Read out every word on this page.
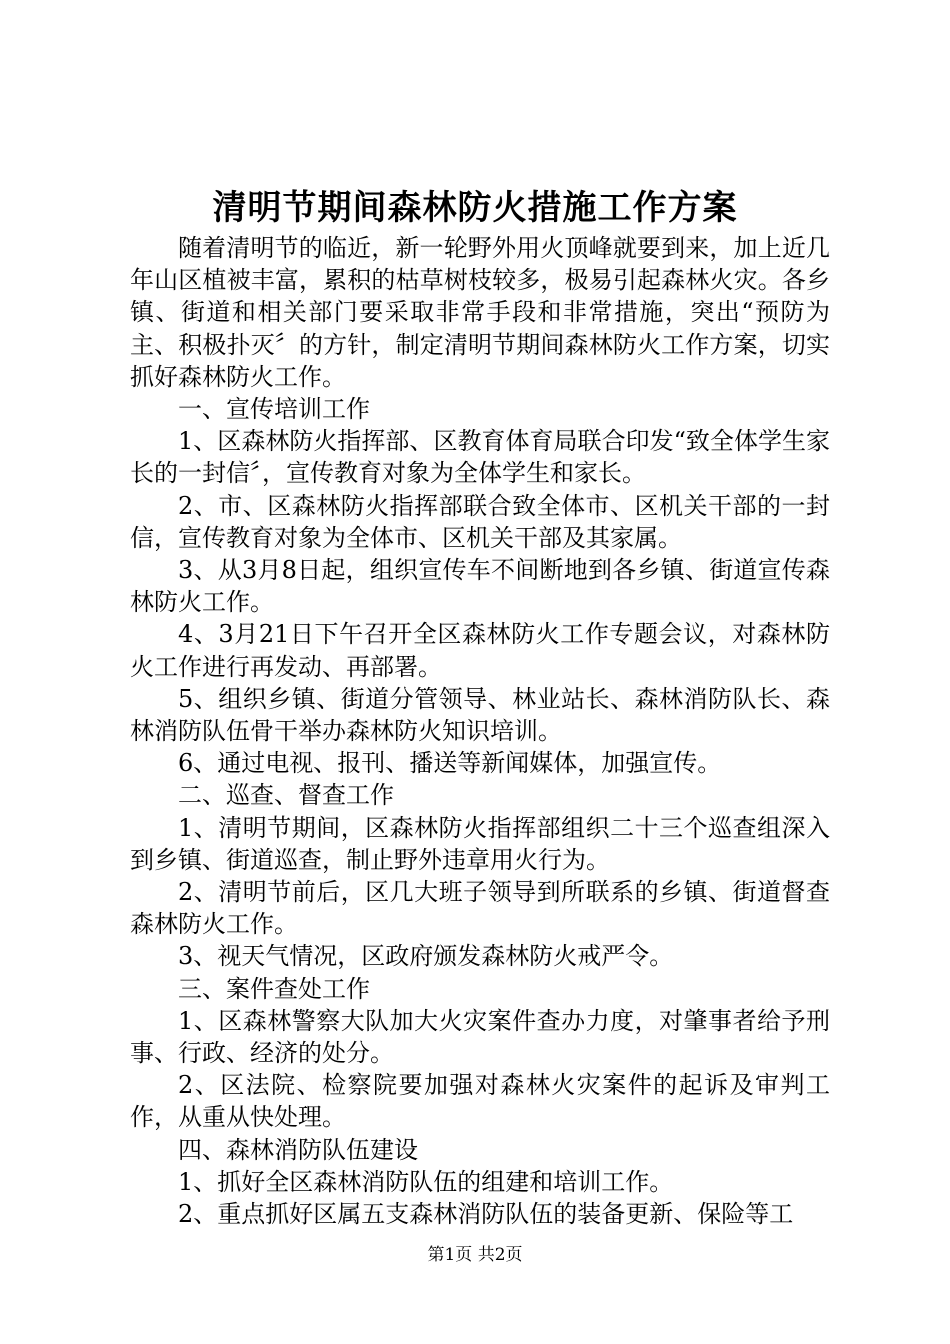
清明节期间森林防火措施工作方案

随着清明节的临近，新一轮野外用火顶峰就要到来，加上近几年山区植被丰富，累积的枯草树枝较多，极易引起森林火灾。各乡镇、街道和相关部门要采取非常手段和非常措施，突出“预防为主、积极扑灭〞的方针，制定清明节期间森林防火工作方案，切实抓好森林防火工作。

一、宣传培训工作

1、区森林防火指挥部、区教育体育局联合印发“致全体学生家长的一封信〞，宣传教育对象为全体学生和家长。

2、市、区森林防火指挥部联合致全体市、区机关干部的一封信，宣传教育对象为全体市、区机关干部及其家属。

3、从3月8日起，组织宣传车不间断地到各乡镇、街道宣传森林防火工作。

4、3月21日下午召开全区森林防火工作专题会议，对森林防火工作进行再发动、再部署。

5、组织乡镇、街道分管领导、林业站长、森林消防队长、森林消防队伍骨干举办森林防火知识培训。

6、通过电视、报刊、播送等新闻媒体，加强宣传。

二、巡查、督查工作

1、清明节期间，区森林防火指挥部组织二十三个巡查组深入到乡镇、街道巡查，制止野外违章用火行为。

2、清明节前后，区几大班子领导到所联系的乡镇、街道督查森林防火工作。

3、视天气情况，区政府颁发森林防火戒严令。

三、案件查处工作

1、区森林警察大队加大火灾案件查办力度，对肇事者给予刑事、行政、经济的处分。

2、区法院、检察院要加强对森林火灾案件的起诉及审判工作，从重从快处理。

四、森林消防队伍建设

1、抓好全区森林消防队伍的组建和培训工作。

2、重点抓好区属五支森林消防队伍的装备更新、保险等工

第1页 共2页
